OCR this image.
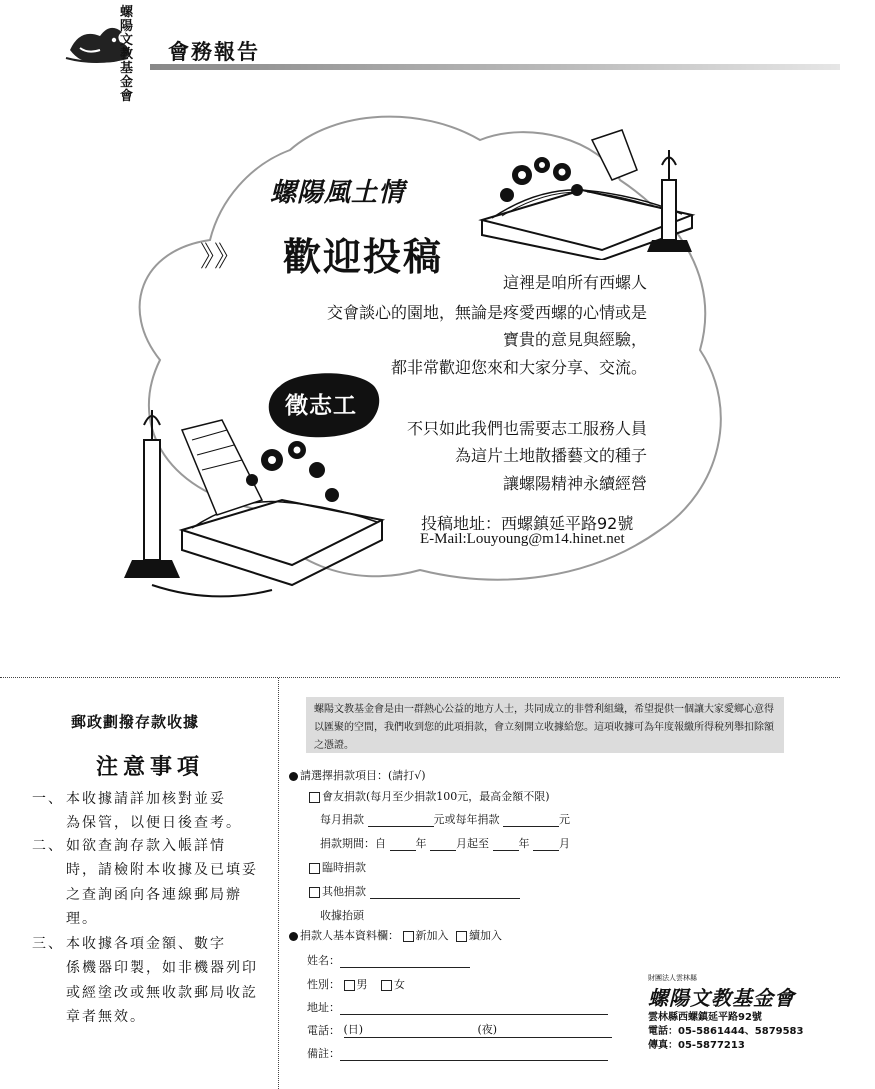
螺陽文教基金會
會務報告
螺陽風土情
》》 歡迎投稿
這裡是咱所有西螺人
交會談心的園地，無論是疼愛西螺的心情或是
寶貴的意見與經驗，
都非常歡迎您來和大家分享、交流。
徵志工
不只如此我們也需要志工服務人員
為這片土地散播藝文的種子
讓螺陽精神永續經營
投稿地址：西螺鎮延平路92號
E-Mail:Louyoung@m14.hinet.net
郵政劃撥存款收據
注意事項
一、 本收據請詳加核對並妥
為保管，以便日後查考。
二、 如欲查詢存款入帳詳情
時，請檢附本收據及已填妥之查詢函向各連線郵局辦理。
三、 本收據各項金額、數字
係機器印製，如非機器列印或經塗改或無收款郵局收訖章者無效。
螺陽文教基金會是由一群熱心公益的地方人士，共同成立的非營利組織，希望提供一個讓大家愛鄉心意得以匯聚的空間，我們收到您的此項捐款，會立刻開立收據給您。這項收據可為年度報繳所得稅列舉扣除額之憑證。
請選擇捐款項目：(請打√)
會友捐款(每月至少捐款100元，最高金額不限)
每月捐款	元或每年捐款	元
捐款期間：自	年	月起至	年	月
臨時捐款
其他捐款
收據抬頭
捐款人基本資料欄： 新加入 續加入
姓名：
性別： 男 女
地址：
電話： (日)	(夜)
備註：
財團法人雲林縣
螺陽文教基金會
雲林縣西螺鎮延平路92號
電話：05-5861444、5879583
傳真：05-5877213
